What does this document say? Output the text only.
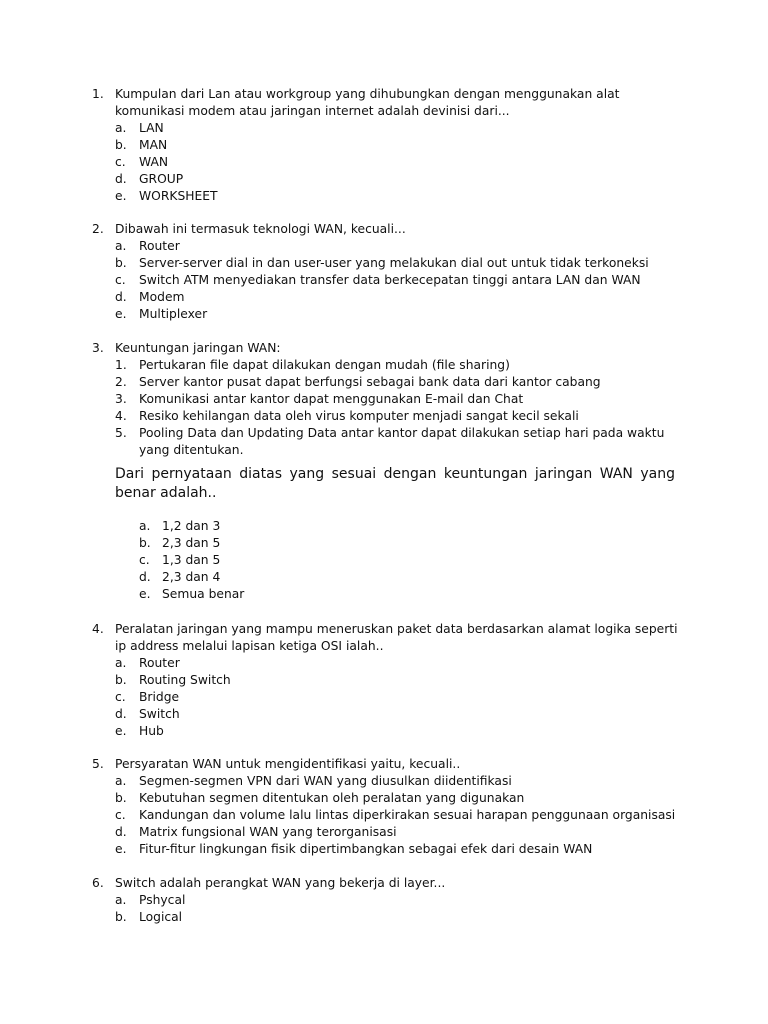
1. Kumpulan dari Lan atau workgroup yang dihubungkan dengan menggunakan alat komunikasi modem atau jaringan internet adalah devinisi dari...
a. LAN
b. MAN
c. WAN
d. GROUP
e. WORKSHEET
2. Dibawah ini termasuk teknologi WAN, kecuali...
a. Router
b. Server-server dial in dan user-user yang melakukan dial out untuk tidak terkoneksi
c. Switch ATM menyediakan transfer data berkecepatan tinggi antara LAN dan WAN
d. Modem
e. Multiplexer
3. Keuntungan jaringan WAN:
1. Pertukaran file dapat dilakukan dengan mudah (file sharing)
2. Server kantor pusat dapat berfungsi sebagai bank data dari kantor cabang
3. Komunikasi antar kantor dapat menggunakan E-mail dan Chat
4. Resiko kehilangan data oleh virus komputer menjadi sangat kecil sekali
5. Pooling Data dan Updating Data antar kantor dapat dilakukan setiap hari pada waktu yang ditentukan.
Dari pernyataan diatas yang sesuai dengan keuntungan jaringan WAN yang benar adalah..
a. 1,2 dan 3
b. 2,3 dan 5
c. 1,3 dan 5
d. 2,3 dan 4
e. Semua benar
4. Peralatan jaringan yang mampu meneruskan paket data berdasarkan alamat logika seperti ip address melalui lapisan ketiga OSI ialah..
a. Router
b. Routing Switch
c. Bridge
d. Switch
e. Hub
5. Persyaratan WAN untuk mengidentifikasi yaitu, kecuali..
a. Segmen-segmen VPN dari WAN yang diusulkan diidentifikasi
b. Kebutuhan segmen ditentukan oleh peralatan yang digunakan
c. Kandungan dan volume lalu lintas diperkirakan sesuai harapan penggunaan organisasi
d. Matrix fungsional WAN yang terorganisasi
e. Fitur-fitur lingkungan fisik dipertimbangkan sebagai efek dari desain WAN
6. Switch adalah perangkat WAN yang bekerja di layer...
a. Pshycal
b. Logical
